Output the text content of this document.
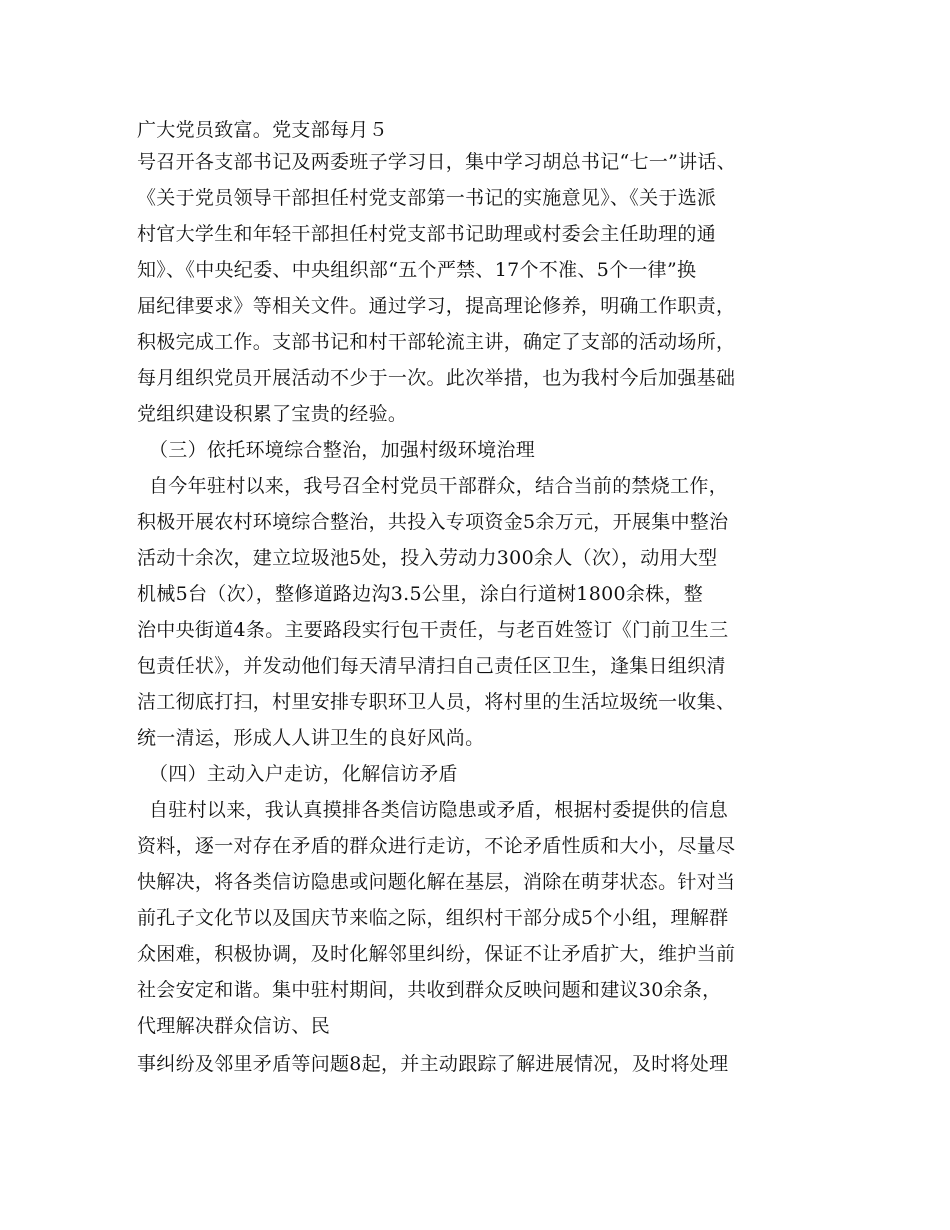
广大党员致富。党支部每月５
号召开各支部书记及两委班子学习日，集中学习胡总书记“七一”讲话、
《关于党员领导干部担任村党支部第一书记的实施意见》、《关于选派
村官大学生和年轻干部担任村党支部书记助理或村委会主任助理的通
知》、《中央纪委、中央组织部“五个严禁、17个不准、5个一律”换
届纪律要求》等相关文件。通过学习，提高理论修养，明确工作职责，
积极完成工作。支部书记和村干部轮流主讲，确定了支部的活动场所，
每月组织党员开展活动不少于一次。此次举措，也为我村今后加强基础
党组织建设积累了宝贵的经验。
（三）依托环境综合整治，加强村级环境治理
自今年驻村以来，我号召全村党员干部群众，结合当前的禁烧工作，
积极开展农村环境综合整治，共投入专项资金5余万元，开展集中整治
活动十余次，建立垃圾池5处，投入劳动力300余人（次），动用大型
机械5台（次），整修道路边沟3.5公里，涂白行道树1800余株，整
治中央街道4条。主要路段实行包干责任，与老百姓签订《门前卫生三
包责任状》，并发动他们每天清早清扫自己责任区卫生，逢集日组织清
洁工彻底打扫，村里安排专职环卫人员，将村里的生活垃圾统一收集、
统一清运，形成人人讲卫生的良好风尚。
（四）主动入户走访，化解信访矛盾
自驻村以来，我认真摸排各类信访隐患或矛盾，根据村委提供的信息
资料，逐一对存在矛盾的群众进行走访，不论矛盾性质和大小，尽量尽
快解决，将各类信访隐患或问题化解在基层，消除在萌芽状态。针对当
前孔子文化节以及国庆节来临之际，组织村干部分成5个小组，理解群
众困难，积极协调，及时化解邻里纠纷，保证不让矛盾扩大，维护当前
社会安定和谐。集中驻村期间，共收到群众反映问题和建议30余条，
代理解决群众信访、民
事纠纷及邻里矛盾等问题8起，并主动跟踪了解进展情况，及时将处理
